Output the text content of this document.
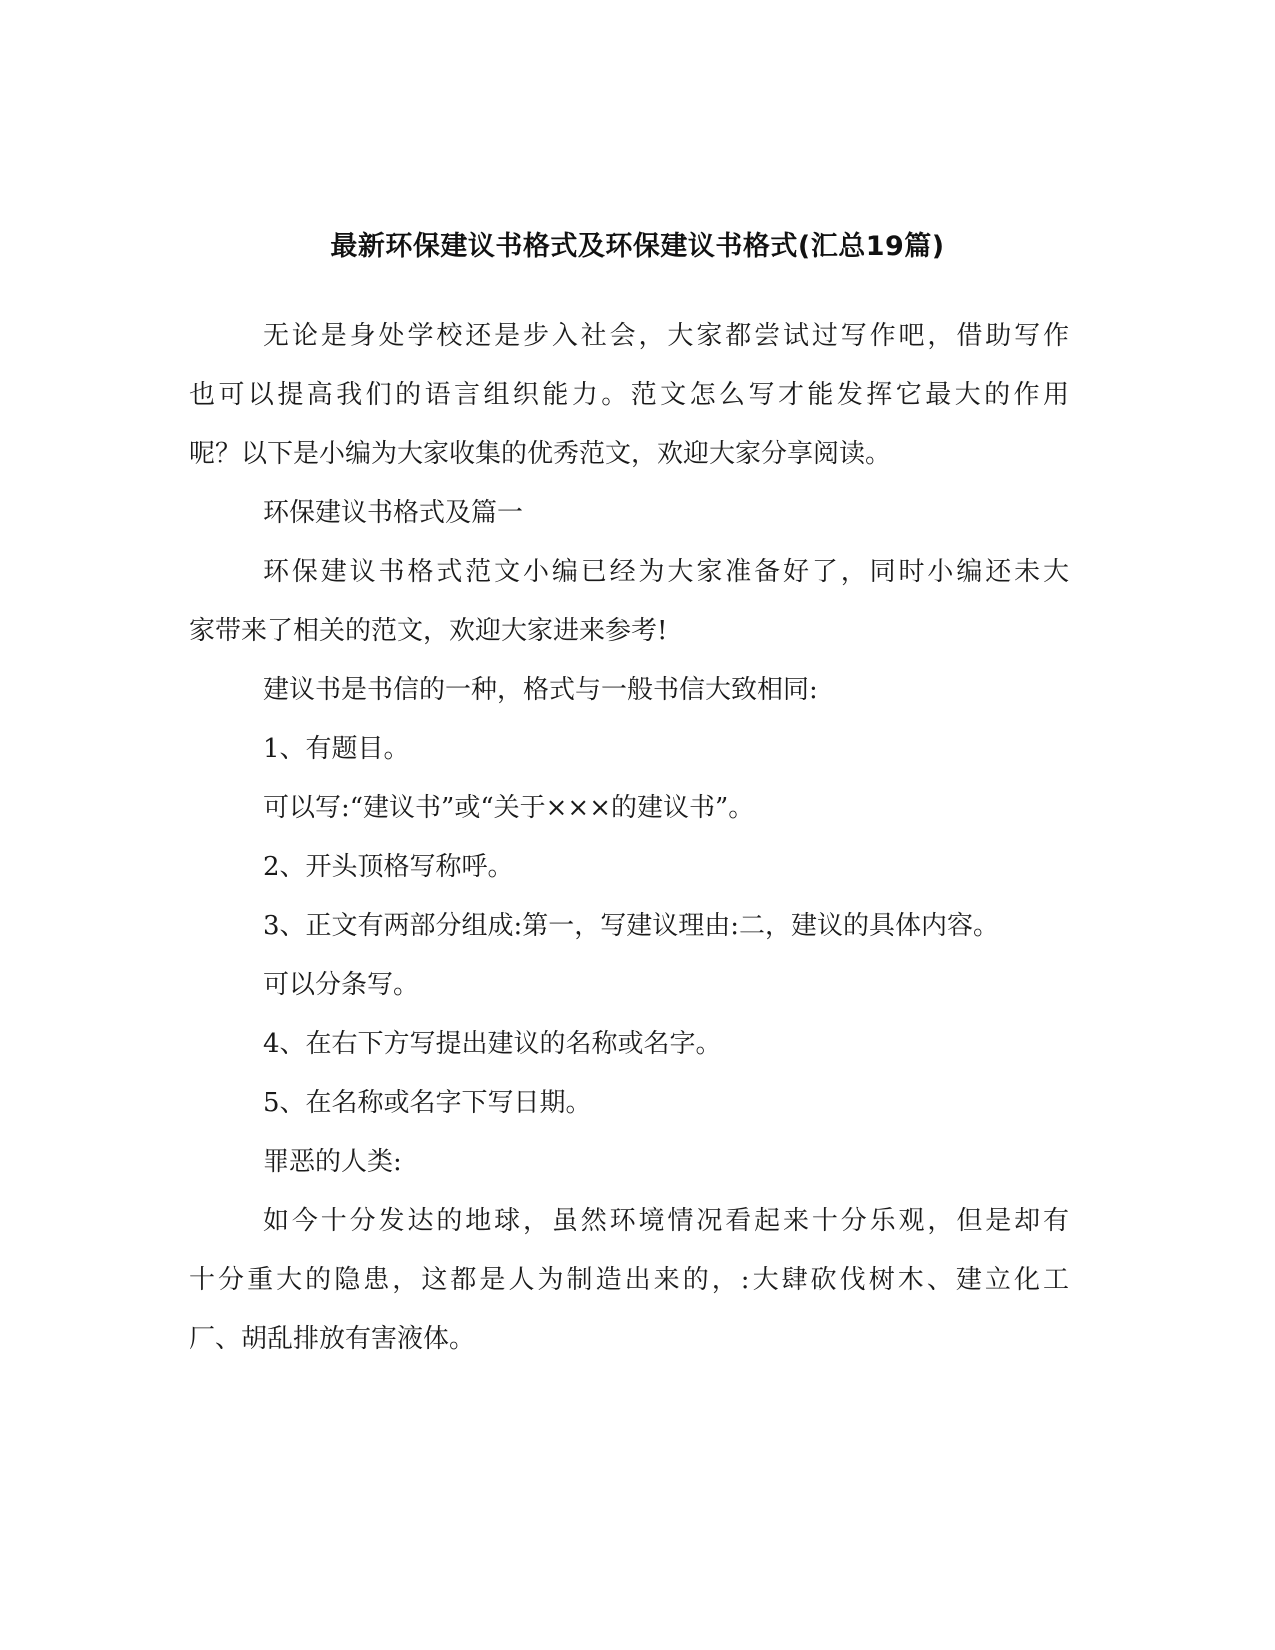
最新环保建议书格式及环保建议书格式(汇总19篇)

无论是身处学校还是步入社会，大家都尝试过写作吧，借助写作

也可以提高我们的语言组织能力。范文怎么写才能发挥它最大的作用

呢？以下是小编为大家收集的优秀范文，欢迎大家分享阅读。

环保建议书格式及篇一

环保建议书格式范文小编已经为大家准备好了，同时小编还未大

家带来了相关的范文，欢迎大家进来参考!

建议书是书信的一种，格式与一般书信大致相同:

1、有题目。

可以写:“建议书”或“关于×××的建议书”。

2、开头顶格写称呼。

3、正文有两部分组成:第一，写建议理由:二，建议的具体内容。

可以分条写。

4、在右下方写提出建议的名称或名字。

5、在名称或名字下写日期。

罪恶的人类:

如今十分发达的地球，虽然环境情况看起来十分乐观，但是却有

十分重大的隐患，这都是人为制造出来的，:大肆砍伐树木、建立化工

厂、胡乱排放有害液体。
